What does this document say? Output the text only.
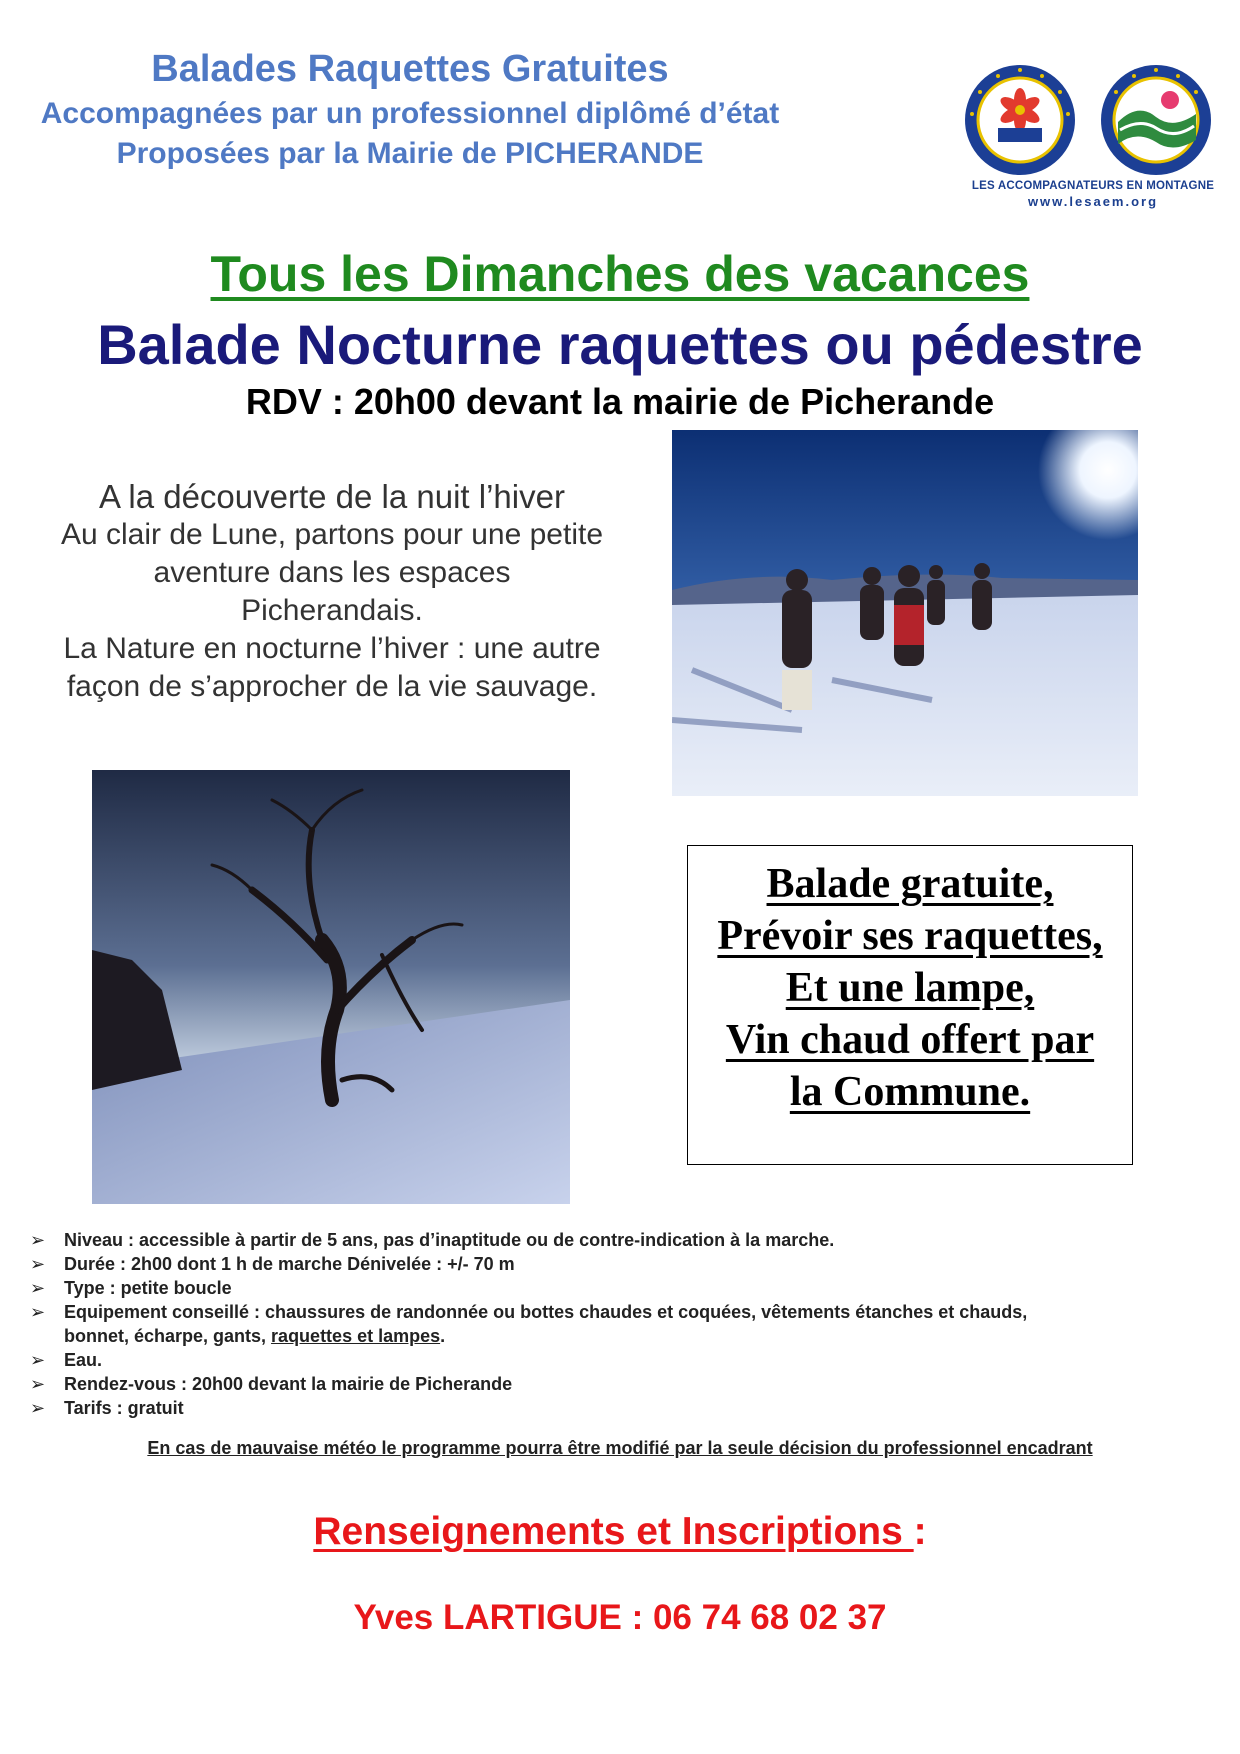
Balades Raquettes Gratuites
Accompagnées par un professionnel diplômé d’état
Proposées par la Mairie de PICHERANDE
LES ACCOMPAGNATEURS EN MONTAGNE
www.lesaem.org
Tous les Dimanches des vacances
Balade Nocturne raquettes ou pédestre
RDV : 20h00 devant la mairie de Picherande
A la découverte de la nuit l’hiver
Au clair de Lune, partons pour une petite
aventure dans les espaces
Picherandais.
La Nature en nocturne l’hiver : une autre
façon de s’approcher de la vie sauvage.
Balade gratuite,
Prévoir ses raquettes,
Et une lampe,
Vin chaud offert par
la Commune.
➢ Niveau : accessible à partir de 5 ans, pas d’inaptitude ou de contre-indication à la marche.
➢ Durée : 2h00 dont 1 h de marche Dénivelée : +/- 70 m
➢ Type : petite boucle
➢ Equipement conseillé : chaussures de randonnée ou bottes chaudes et coquées, vêtements étanches et chauds,
bonnet, écharpe, gants, raquettes et lampes.
➢ Eau.
➢ Rendez-vous : 20h00 devant la mairie de Picherande
➢ Tarifs : gratuit
En cas de mauvaise météo le programme pourra être modifié par la seule décision du professionnel encadrant
Renseignements et Inscriptions :
Yves LARTIGUE : 06 74 68 02 37
